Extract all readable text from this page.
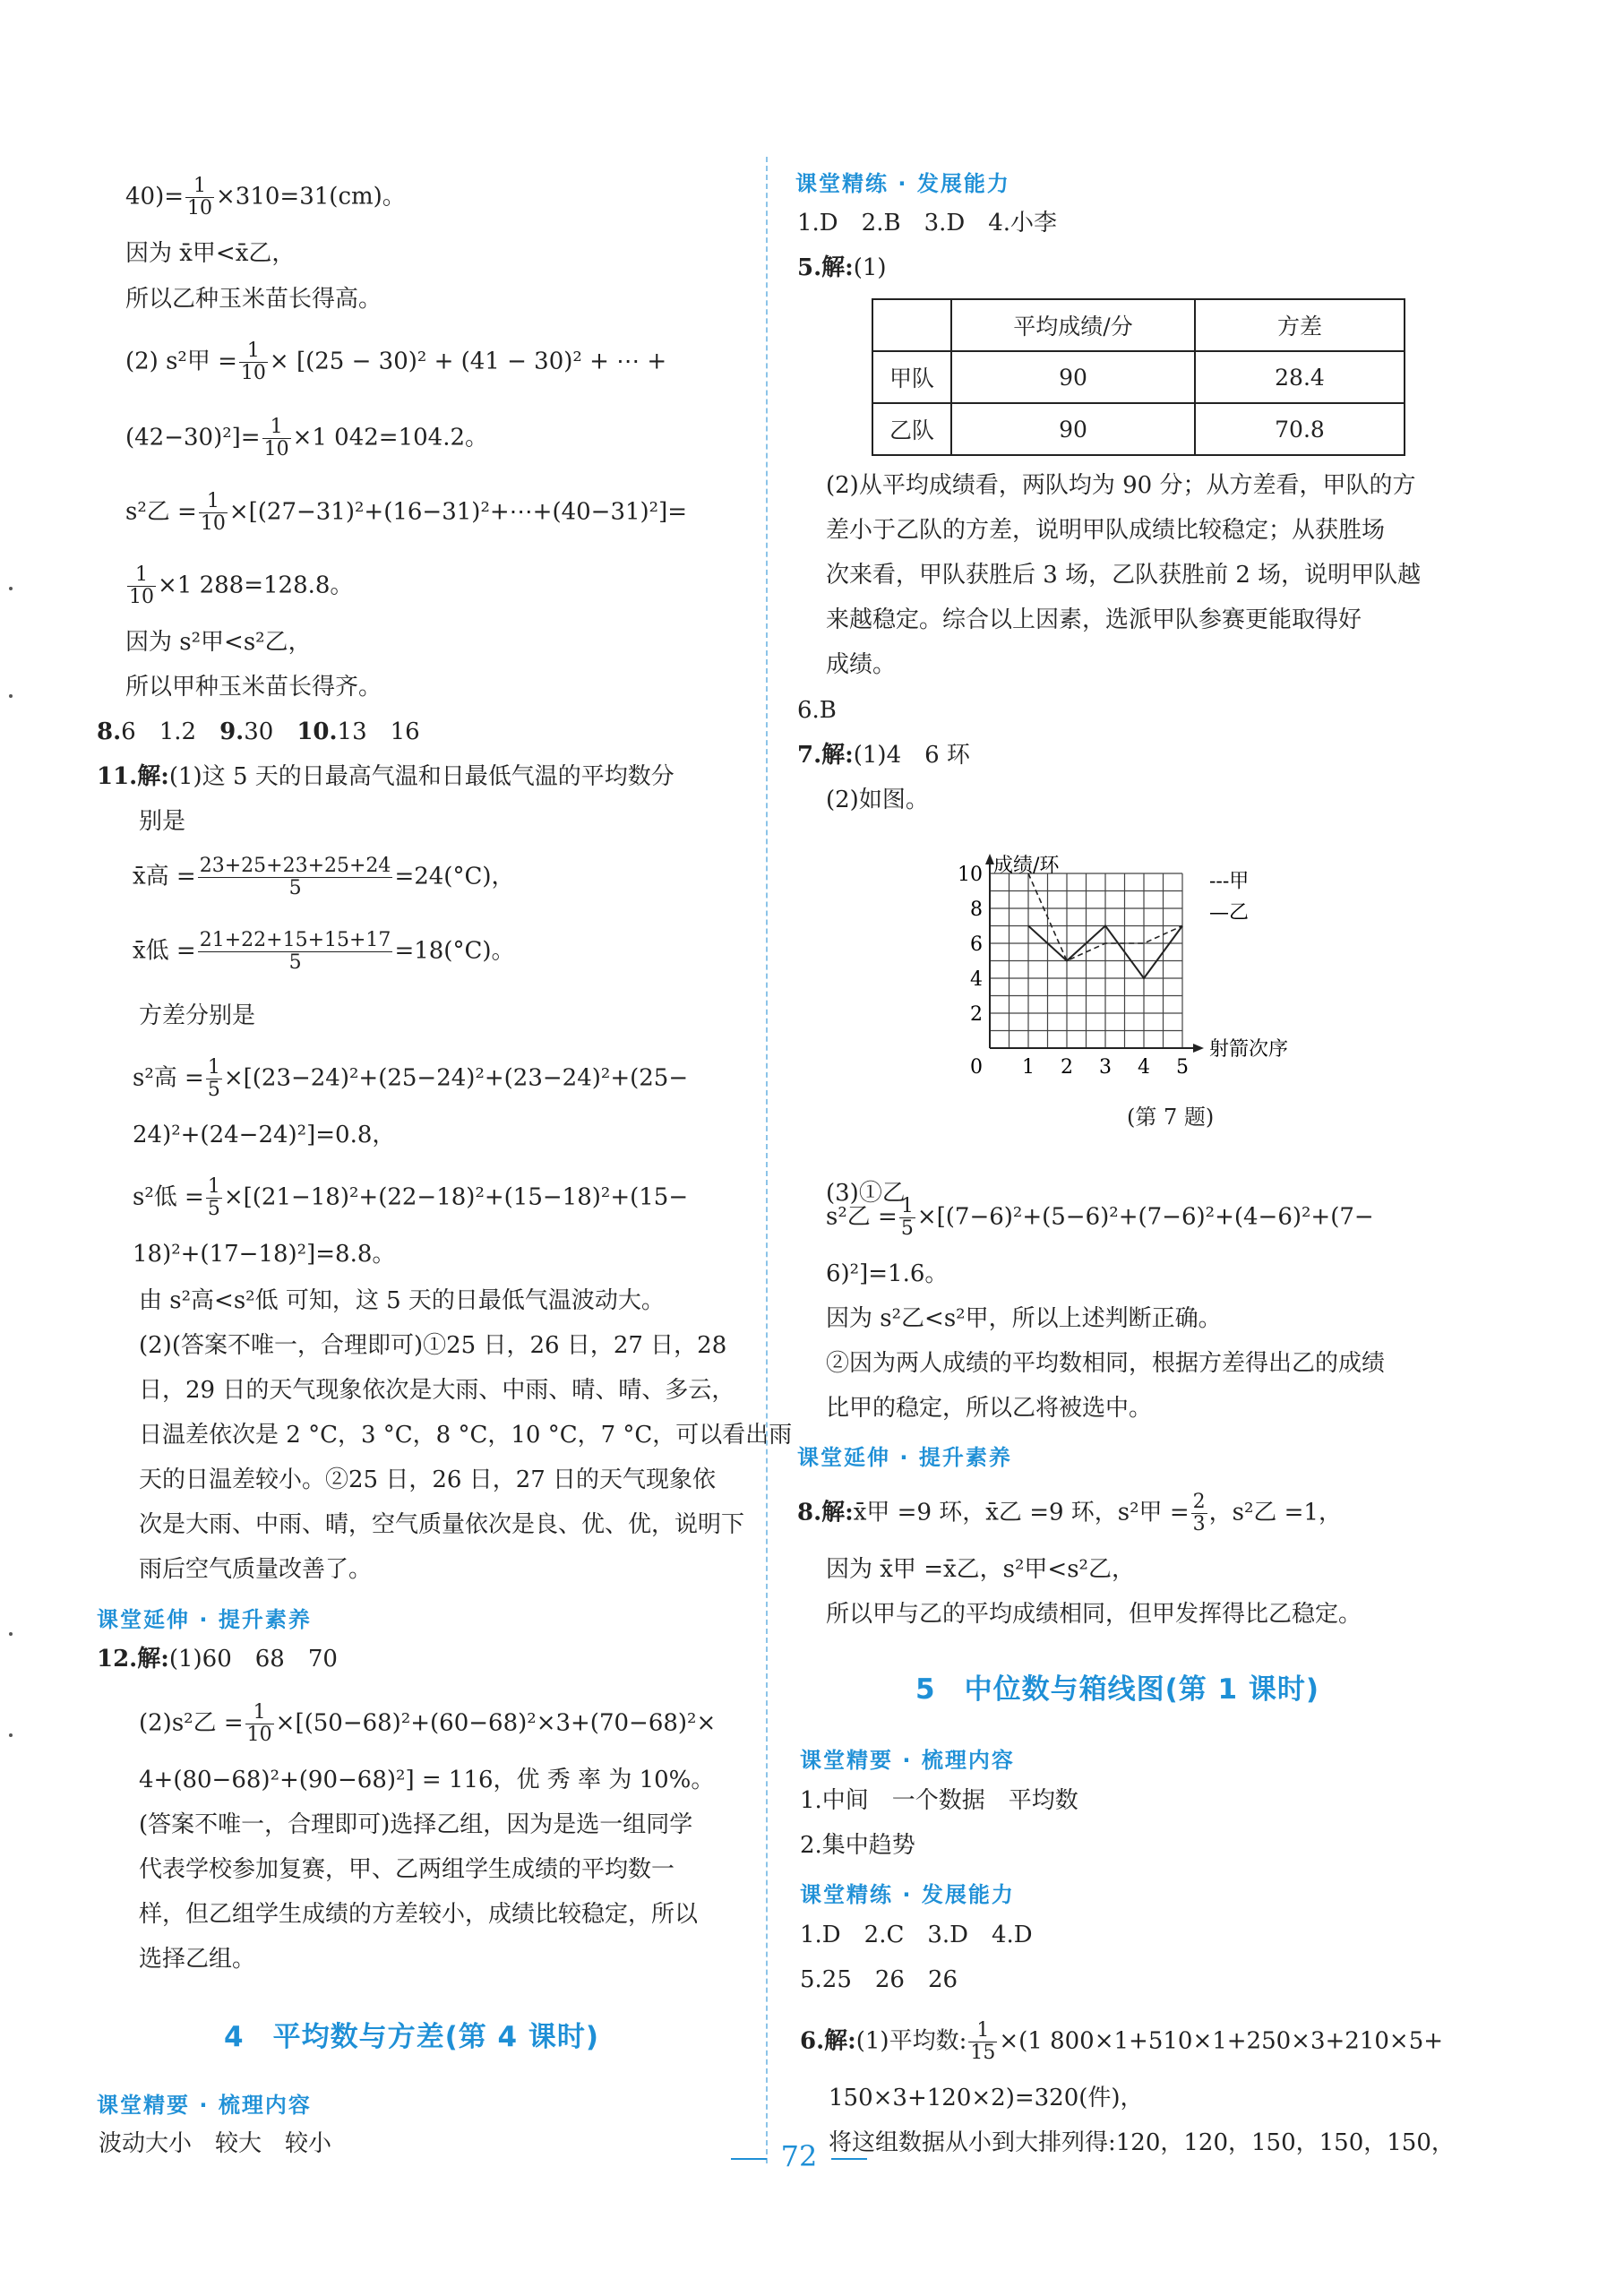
$40)= \frac{1}{10} \times 310=31(cm)$。
因为 x̄甲<x̄乙，
所以乙种玉米苗长得高。
(2) s²甲 = $\frac{1}{10} \times [(25 - 30)^2 + (41 - 30)^2$ + ⋯ +
$(42-30)^2]= \frac{1}{10} \times 1$ 042=104.2。
s²乙 = $\frac{1}{10}$ ×[(27−31)²+(16−31)²+⋯+(40−31)²]=
$\frac{1}{10} \times 1$ 288=128.8。
因为 s²甲<s²乙，
所以甲种玉米苗长得齐。
8.6　1.2　9.30　10.13　16
11.解:(1)这 5 天的日最高气温和日最低气温的平均数分
别是
x̄高 = $\frac{23+25+23+25+24}{5} =24(^\circ C)$，
x̄低 = $\frac{21+22+15+15+17}{5} =18(^\circ C)$。
方差分别是
s²高 = $\frac{1}{5} \times[(23-24)^2+(25-24)^2+(23-24)^2+(25-$
24)²+(24−24)²]=0.8，
s²低 = $\frac{1}{5} \times[(21-18)^2+(22-18)^2+(15-18)^2+(15-$
18)²+(17−18)²]=8.8。
由 s²高<s²低 可知，这 5 天的日最低气温波动大。
(2)(答案不唯一，合理即可)①25 日，26 日，27 日，28
日，29 日的天气现象依次是大雨、中雨、晴、晴、多云，
日温差依次是 2 °C，3 °C，8 °C，10 °C，7 °C，可以看出雨
天的日温差较小。②25 日，26 日，27 日的天气现象依
次是大雨、中雨、晴，空气质量依次是良、优、优，说明下
雨后空气质量改善了。
课堂延伸 · 提升素养
12.解:(1)60　68　70
(2)s²乙 = $\frac{1}{10} \times[(50-68)^2+(60-68)^2\times 3+(70-68)^2\times$
4+(80−68)²+(90−68)²] = 116，优 秀 率 为 10%。
(答案不唯一，合理即可)选择乙组，因为是选一组同学
代表学校参加复赛，甲、乙两组学生成绩的平均数一
样，但乙组学生成绩的方差较小，成绩比较稳定，所以
选择乙组。
4　平均数与方差(第 4 课时)
课堂精要 · 梳理内容
波动大小　较大　较小
课堂精练 · 发展能力
1.D　2.B　3.D　4.小李
5.解:(1)
	平均成绩/分	方差
甲队	90	28.4
乙队	90	70.8
(2)从平均成绩看，两队均为 90 分；从方差看，甲队的方
差小于乙队的方差，说明甲队成绩比较稳定；从获胜场
次来看，甲队获胜后 3 场，乙队获胜前 2 场，说明甲队越
来越稳定。综合以上因素，选派甲队参赛更能取得好
成绩。
6.B
7.解:(1)4　6 环
(2)如图。
2
4
6
8
10
1 2 3 4 5
0
成绩/环
射箭次序
---甲
—乙
(第 7 题)
(3)①乙
s²乙 = $\frac{1}{5} \times[(7-6)^2+(5-6)^2+(7-6)^2+(4-6)^2+(7-$
6)²]=1.6。
因为 s²乙<s²甲，所以上述判断正确。
②因为两人成绩的平均数相同，根据方差得出乙的成绩
比甲的稳定，所以乙将被选中。
课堂延伸 · 提升素养
8.解:x̄甲 =9 环，x̄乙 =9 环，s²甲 = $\frac{2}{3}$ ，s²乙 =1，
因为 x̄甲 =x̄乙，s²甲<s²乙，
所以甲与乙的平均成绩相同，但甲发挥得比乙稳定。
5　中位数与箱线图(第 1 课时)
课堂精要 · 梳理内容
1.中间　一个数据　平均数
2.集中趋势
课堂精练 · 发展能力
1.D　2.C　3.D　4.D
5.25　26　26
6.解:(1)平均数: $\frac{1}{15} \times(1$ 800×1+510×1+250×3+210×5+
150×3+120×2)=320(件)，
将这组数据从小到大排列得:120，120，150，150，150，
72
